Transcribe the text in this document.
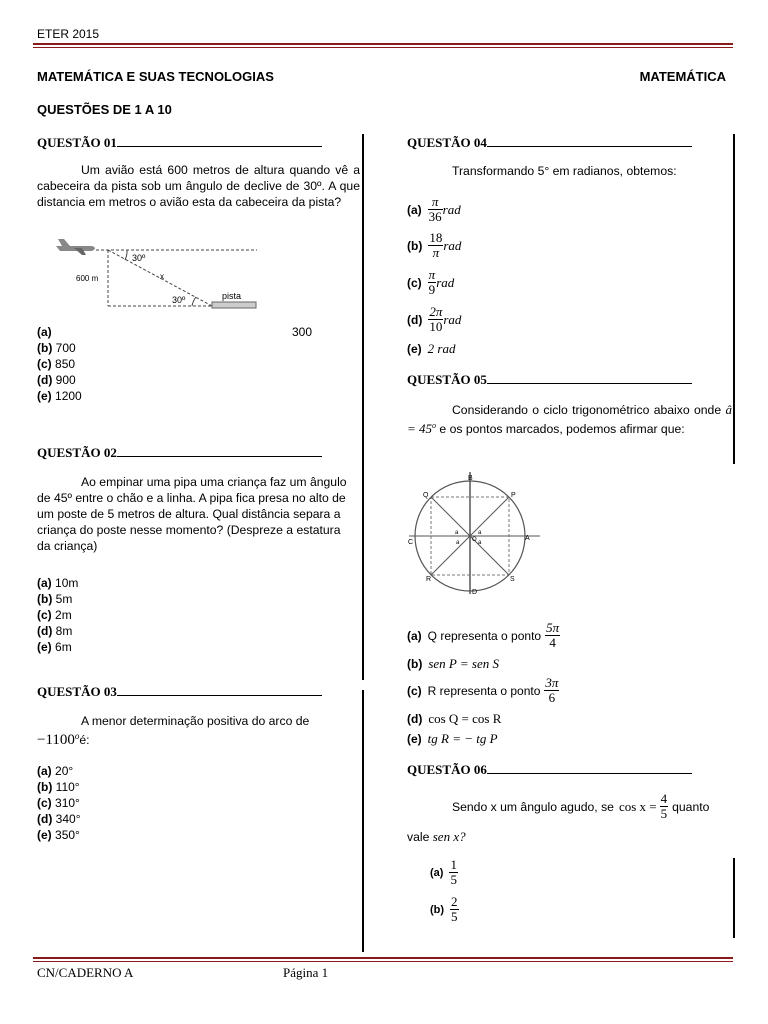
ETER 2015
MATEMÁTICA E SUAS TECNOLOGIAS	MATEMÁTICA
QUESTÕES DE 1 A 10
QUESTÃO 01
Um avião está 600 metros de altura quando vê a cabeceira da pista sob um ângulo de declive de 30º. A que distancia em metros o avião esta da cabeceira da pista?
30º
600 m	x
30º	pista
(a)	300
(b) 700
(c) 850
(d) 900
(e) 1200
QUESTÃO 02
Ao empinar uma pipa uma criança faz um ângulo de 45º entre o chão e a linha. A pipa fica presa no alto de um poste de 5 metros de altura. Qual distância separa a criança do poste nesse momento? (Despreze a estatura da criança)
(a) 10m
(b) 5m
(c) 2m
(d) 8m
(e) 6m
QUESTÃO 03
A menor determinação positiva do arco de
$-1100^oé$:
(a) 20°
(b) 110°
(c) 310°
(d) 340°
(e) 350°
QUESTÃO 04
Transformando 5° em radianos, obtemos:
$(a) \frac{\pi}{36}$ rad
$(b) \frac{18}{\pi}$ rad
$(c) \frac{\pi}{9}$ rad
$(d) \frac{2\pi}{10}$ rad
(e) 2 rad
QUESTÃO 05
Considerando o ciclo trigonométrico abaixo onde â = $45^o$ e os pontos marcados, podemos afirmar que:
B
P
Q
C
A
R	S
D
O
a	a
a	a
(a) Q representa o ponto $\frac{5\pi}{4}$
(b) sen P = sen S
(c) R representa o ponto $\frac{3\pi}{6}$
(d) cos Q = cos R
(e) tg R = − tg P
QUESTÃO 06
Sendo x um ângulo agudo, se $\cos x = \frac{4}{5}$ quanto
vale sen x?
$(a) \frac{1}{5}$
$(b) \frac{2}{5}$
CN/CADERNO A	Página 1
